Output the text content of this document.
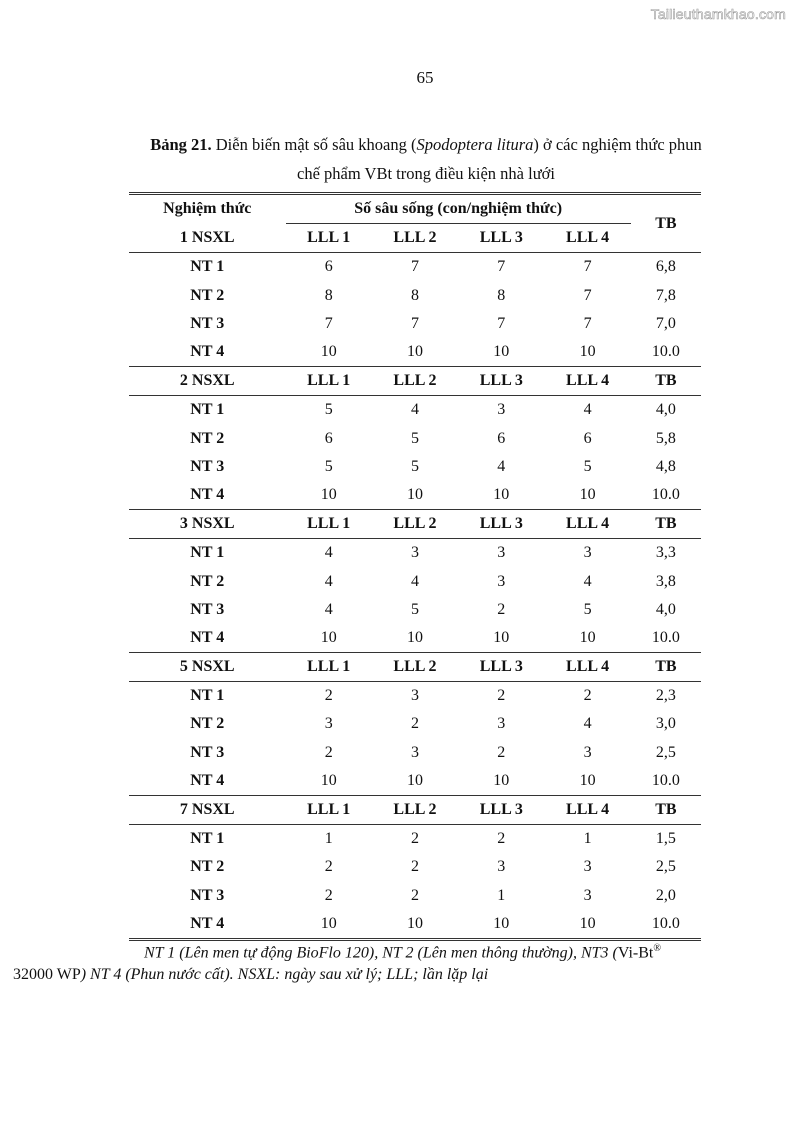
Tailieuthamkhao.com
65
Bảng 21. Diễn biến mật số sâu khoang (Spodoptera litura) ở các nghiệm thức phun
chế phẩm VBt trong điều kiện nhà lưới
Nghiệm thức	Số sâu sống (con/nghiệm thức)				TB
1 NSXL	LLL 1	LLL 2	LLL 3	LLL 4	
NT 1	6	7	7	7	6,8
NT 2	8	8	8	7	7,8
NT 3	7	7	7	7	7,0
NT 4	10	10	10	10	10.0
2 NSXL	LLL 1	LLL 2	LLL 3	LLL 4	TB
NT 1	5	4	3	4	4,0
NT 2	6	5	6	6	5,8
NT 3	5	5	4	5	4,8
NT 4	10	10	10	10	10.0
3 NSXL	LLL 1	LLL 2	LLL 3	LLL 4	TB
NT 1	4	3	3	3	3,3
NT 2	4	4	3	4	3,8
NT 3	4	5	2	5	4,0
NT 4	10	10	10	10	10.0
5 NSXL	LLL 1	LLL 2	LLL 3	LLL 4	TB
NT 1	2	3	2	2	2,3
NT 2	3	2	3	4	3,0
NT 3	2	3	2	3	2,5
NT 4	10	10	10	10	10.0
7 NSXL	LLL 1	LLL 2	LLL 3	LLL 4	TB
NT 1	1	2	2	1	1,5
NT 2	2	2	3	3	2,5
NT 3	2	2	1	3	2,0
NT 4	10	10	10	10	10.0
NT 1 (Lên men tự động BioFlo 120), NT 2 (Lên men thông thường), NT3 (Vi-Bt®
32000 WP) NT 4 (Phun nước cất). NSXL: ngày sau xử lý; LLL; lần lặp lại
